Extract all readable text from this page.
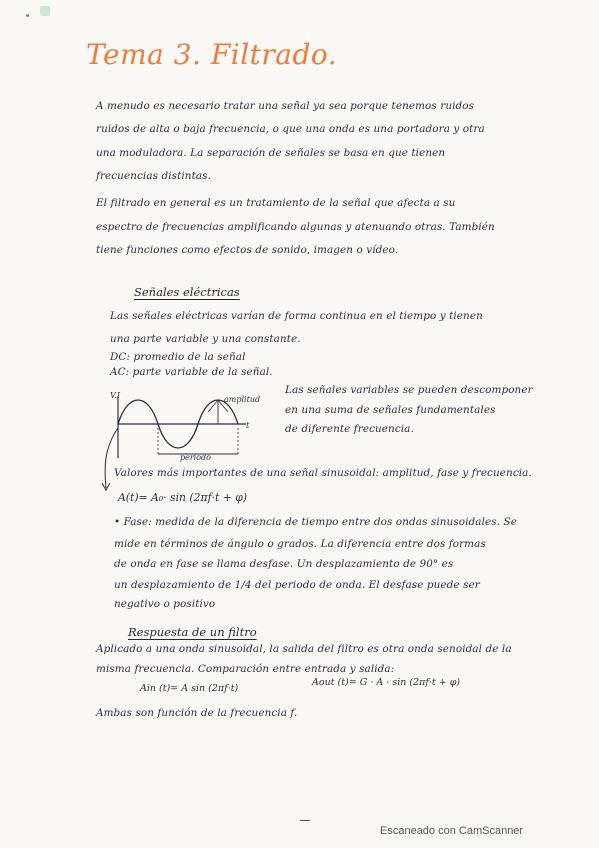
Tema 3. Filtrado.
A menudo es necesario tratar una señal ya sea porque tenemos ruidos
ruidos de alta o baja frecuencia, o que una onda es una portadora y otra
una moduladora. La separación de señales se basa en que tienen
frecuencias distintas.
El filtrado en general es un tratamiento de la señal que afecta a su
espectro de frecuencias amplificando algunas y atenuando otras. También
tiene funciones como efectos de sonido, imagen o vídeo.
Señales eléctricas
Las señales eléctricas varían de forma continua en el tiempo y tienen
una parte variable y una constante.
DC: promedio de la señal
AC: parte variable de la señal.
V.I
t
amplitud
periodo
Las señales variables se pueden descomponer
en una suma de señales fundamentales
de diferente frecuencia.
Valores más importantes de una señal sinusoidal: amplitud, fase y frecuencia.
A(t)= A₀· sin (2πf·t + φ)
• Fase: medida de la diferencia de tiempo entre dos ondas sinusoidales. Se
mide en términos de ángulo o grados. La diferencia entre dos formas
de onda en fase se llama desfase. Un desplazamiento de 90° es
un desplazamiento de 1/4 del periodo de onda. El desfase puede ser
negativo o positivo
Respuesta de un filtro
Aplicado a una onda sinusoidal, la salida del filtro es otra onda senoidal de la
misma frecuencia. Comparación entre entrada y salida:
Ain (t)= A sin (2πf·t)
Aout (t)= G · A · sin (2πf·t + φ)
Ambas son función de la frecuencia f.
Escaneado con CamScanner
